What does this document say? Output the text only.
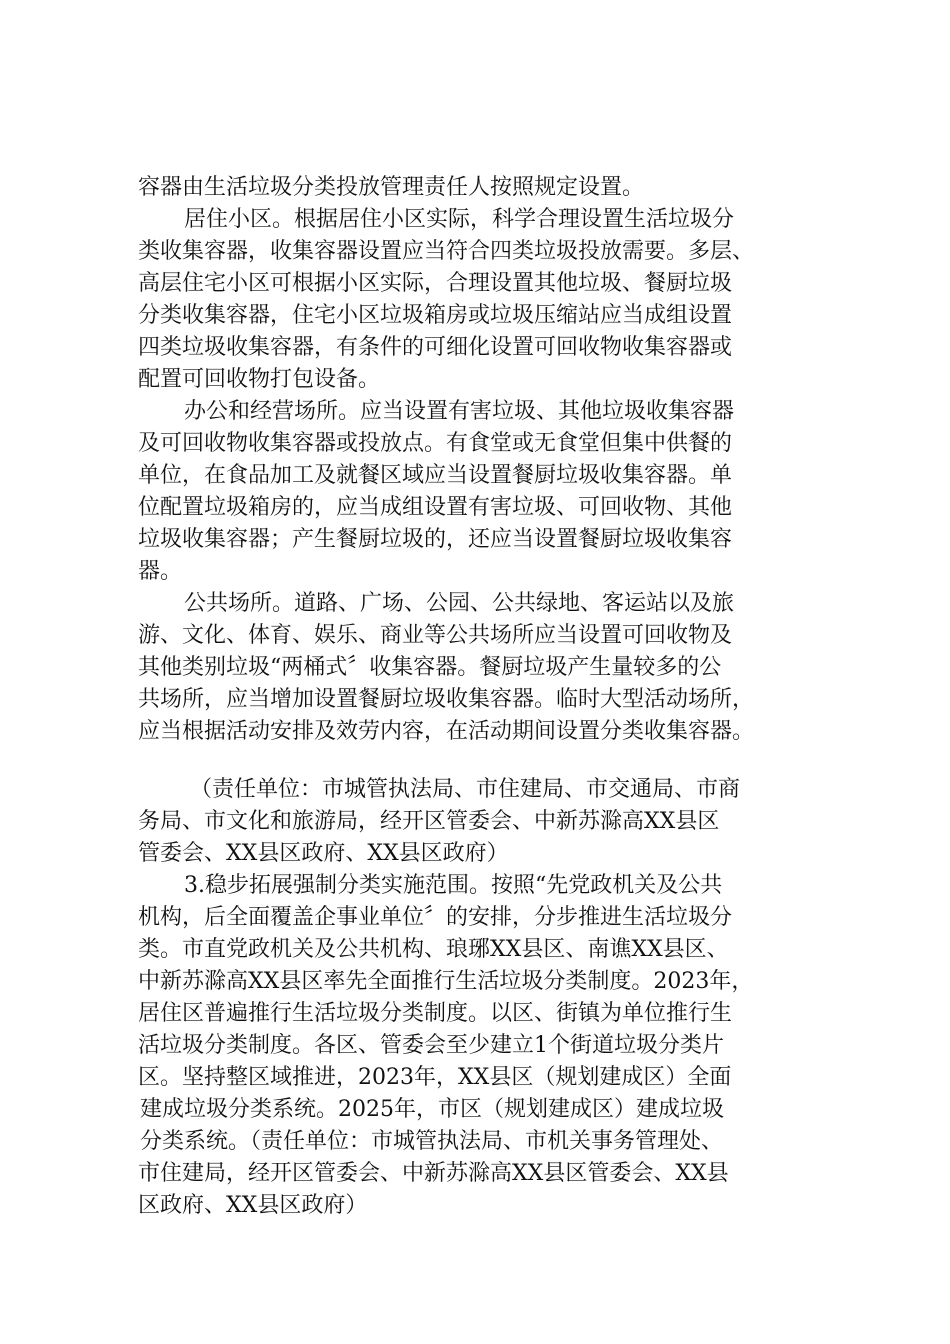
容器由生活垃圾分类投放管理责任人按照规定设置。
居住小区。根据居住小区实际，科学合理设置生活垃圾分
类收集容器，收集容器设置应当符合四类垃圾投放需要。多层、
高层住宅小区可根据小区实际，合理设置其他垃圾、餐厨垃圾
分类收集容器，住宅小区垃圾箱房或垃圾压缩站应当成组设置
四类垃圾收集容器，有条件的可细化设置可回收物收集容器或
配置可回收物打包设备。
办公和经营场所。应当设置有害垃圾、其他垃圾收集容器
及可回收物收集容器或投放点。有食堂或无食堂但集中供餐的
单位，在食品加工及就餐区域应当设置餐厨垃圾收集容器。单
位配置垃圾箱房的，应当成组设置有害垃圾、可回收物、其他
垃圾收集容器；产生餐厨垃圾的，还应当设置餐厨垃圾收集容
器。
公共场所。道路、广场、公园、公共绿地、客运站以及旅
游、文化、体育、娱乐、商业等公共场所应当设置可回收物及
其他类别垃圾“两桶式〞收集容器。餐厨垃圾产生量较多的公
共场所，应当增加设置餐厨垃圾收集容器。临时大型活动场所，
应当根据活动安排及效劳内容，在活动期间设置分类收集容器。
（责任单位：市城管执法局、市住建局、市交通局、市商
务局、市文化和旅游局，经开区管委会、中新苏滁高XX县区
管委会、XX县区政府、XX县区政府）
3.稳步拓展强制分类实施范围。按照“先党政机关及公共
机构，后全面覆盖企事业单位〞的安排，分步推进生活垃圾分
类。市直党政机关及公共机构、琅琊XX县区、南谯XX县区、
中新苏滁高XX县区率先全面推行生活垃圾分类制度。2023年，
居住区普遍推行生活垃圾分类制度。以区、街镇为单位推行生
活垃圾分类制度。各区、管委会至少建立1个街道垃圾分类片
区。坚持整区域推进，2023年，XX县区（规划建成区）全面
建成垃圾分类系统。2025年，市区（规划建成区）建成垃圾
分类系统。（责任单位：市城管执法局、市机关事务管理处、
市住建局，经开区管委会、中新苏滁高XX县区管委会、XX县
区政府、XX县区政府）
